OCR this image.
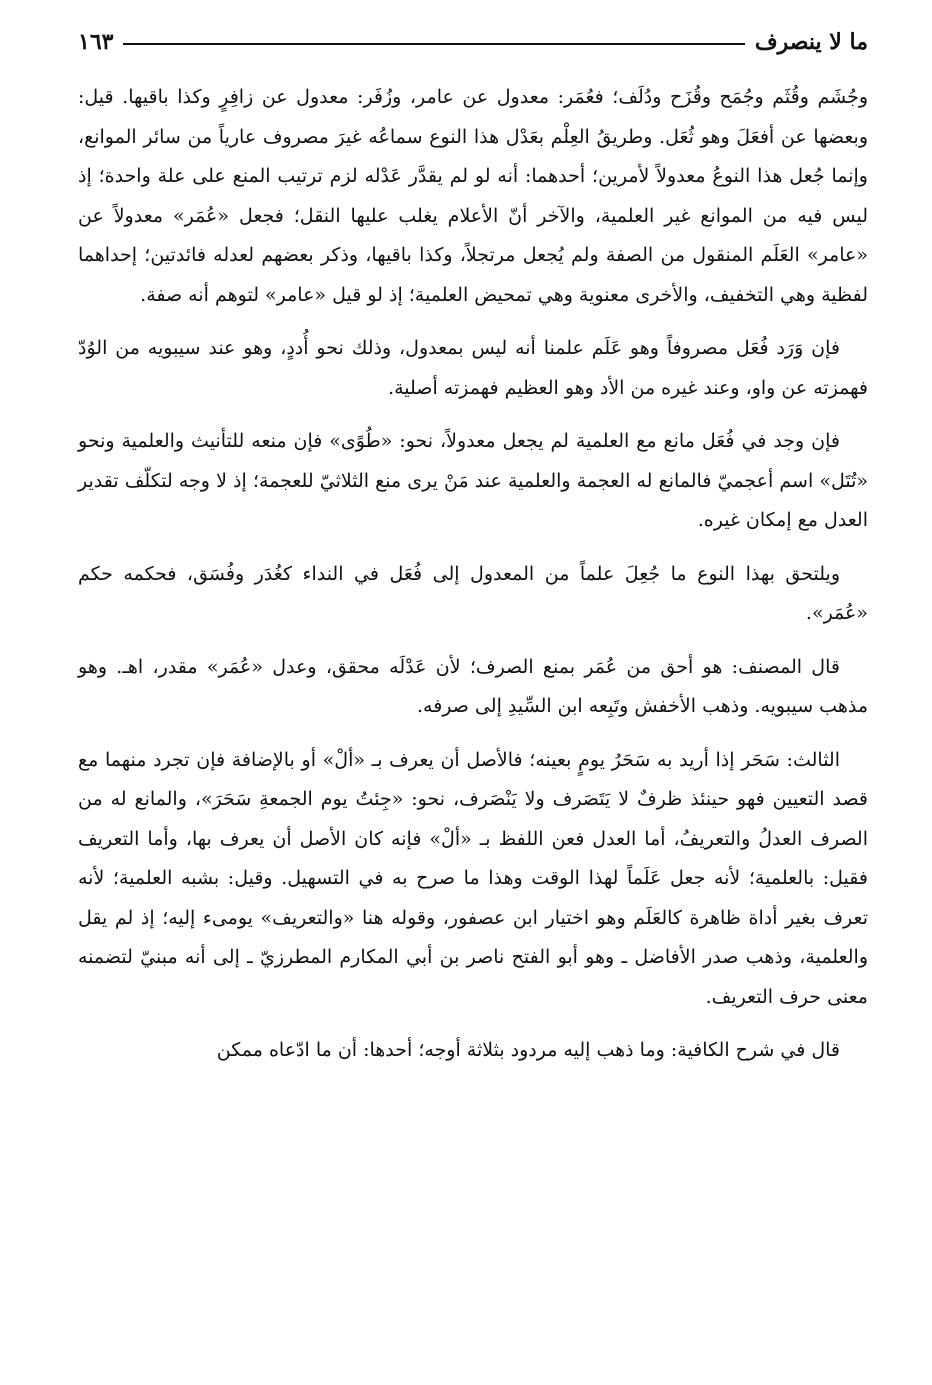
ما لا ينصرف
١٦٣

وجُشَم وقُثَم وجُمَح وقُزَح ودُلَف؛ فعُمَر: معدول عن عامر، وزُفَر: معدول عن زافِرٍ وكذا باقيها. قيل: وبعضها عن أفعَلَ وهو ثُعَل. وطريقُ العِلْم بعَدْل هذا النوع سماعُه غيرَ مصروف عارياً من سائر الموانع، وإنما جُعل هذا النوعُ معدولاً لأمرين؛ أحدهما: أنه لو لم يقدَّر عَدْله لزم ترتيب المنع على علة واحدة؛ إذ ليس فيه من الموانع غير العلمية، والآخر أنّ الأعلام يغلب عليها النقل؛ فجعل «عُمَر» معدولاً عن «عامر» العَلَم المنقول من الصفة ولم يُجعل مرتجلاً، وكذا باقيها، وذكر بعضهم لعدله فائدتين؛ إحداهما لفظية وهي التخفيف، والأخرى معنوية وهي تمحيض العلمية؛ إذ لو قيل «عامر» لتوهم أنه صفة.

فإن وَرَد فُعَل مصروفاً وهو عَلَم علمنا أنه ليس بمعدول، وذلك نحو أُددٍ، وهو عند سيبويه من الوُدّ فهمزته عن واو، وعند غيره من الأد وهو العظيم فهمزته أصلية.

فإن وجد في فُعَل مانع مع العلمية لم يجعل معدولاً، نحو: «طُوًى» فإن منعه للتأنيث والعلمية ونحو «تُتَل» اسم أعجميّ فالمانع له العجمة والعلمية عند مَنْ يرى منع الثلاثيّ للعجمة؛ إذ لا وجه لتكلّف تقدير العدل مع إمكان غيره.

ويلتحق بهذا النوع ما جُعِلَ علماً من المعدول إلى فُعَل في النداء كغُدَر وفُسَق، فحكمه حكم «عُمَر».

قال المصنف: هو أحق من عُمَر بمنع الصرف؛ لأن عَدْلَه محقق، وعدل «عُمَر» مقدر، اهـ. وهو مذهب سيبويه. وذهب الأخفش وتَبِعه ابن السِّيدِ إلى صرفه.

الثالث: سَحَر إذا أريد به سَحَرُ يومٍ بعينه؛ فالأصل أن يعرف بـ «ألْ» أو بالإضافة فإن تجرد منهما مع قصد التعيين فهو حينئذ ظرفٌ لا يَتَصَرف ولا يَنْصَرف، نحو: «جِئتُ يوم الجمعةِ سَحَرَ»، والمانع له من الصرف العدلُ والتعريفُ، أما العدل فعن اللفظ بـ «ألْ» فإنه كان الأصل أن يعرف بها، وأما التعريف فقيل: بالعلمية؛ لأنه جعل عَلَماً لهذا الوقت وهذا ما صرح به في التسهيل. وقيل: بشبه العلمية؛ لأنه تعرف بغير أداة ظاهرة كالعَلَم وهو اختيار ابن عصفور، وقوله هنا «والتعريف» يومىء إليه؛ إذ لم يقل والعلمية، وذهب صدر الأفاضل ـ وهو أبو الفتح ناصر بن أبي المكارم المطرزيّ ـ إلى أنه مبنيّ لتضمنه معنى حرف التعريف.

قال في شرح الكافية: وما ذهب إليه مردود بثلاثة أوجه؛ أحدها: أن ما ادّعاه ممكن
